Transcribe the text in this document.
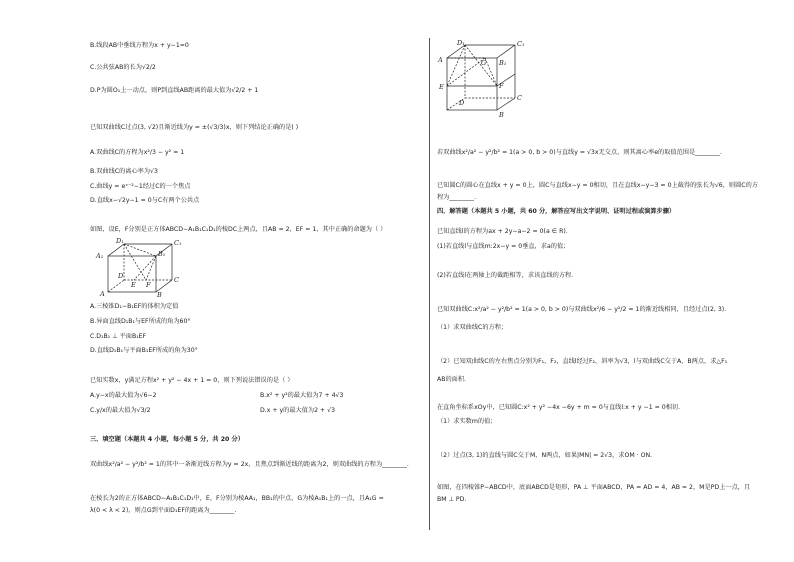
B.线段AB中垂线方程为x + y−1=0
C.公共弦AB的长为√2/2
D.P为圆O₁上一动点，则P到直线AB距离的最大值为√2/2 + 1
已知双曲线C过点(3, √2)且渐近线为y = ±(√3/3)x，则下列结论正确的是( )
A.双曲线C的方程为x²/3 − y² = 1
B.双曲线C的离心率为√3
C.曲线y = eˣ⁻²−1经过C的一个焦点
D.直线x−√2y−1 = 0与C有两个公共点
如图，设E，F分别是正方体ABCD−A₁B₁C₁D₁的棱DC上两点，且AB = 2，EF = 1，其中正确的命题为（ ）
A₁
D₁
B₁
C₁
D
E F
C
A	B
A.三棱锥D₁−B₁EF的体积为定值
B.异面直线D₁B₁与EF所成的角为60°
C.D₁B₁ ⊥ 平面B₁EF
D.直线D₁B₁与平面B₁EF所成的角为30°
已知实数x，y满足方程x² + y² − 4x + 1 = 0，则下列说法错误的是（ ）
A.y−x的最大值为√6−2	B.x² + y²的最大值为7 + 4√3
C.y/x的最大值为√3/2	D.x + y的最大值为2 + √3
三、填空题（本题共 4 小题，每小题 5 分，共 20 分）
双曲线x²/a² − y²/b² = 1的其中一条渐近线方程为y = 2x，且焦点到渐近线的距离为2，则双曲线的方程为________.
在棱长为2的正方体ABCD−A₁B₁C₁D₁中，E，F分别为棱AA₁，BB₁的中点，G为棱A₁B₁上的一点，且A₁G =
λ(0 < λ < 2)，则点G到平面D₁EF的距离为________.
D₁	C₁
A	G B₁
E	F
D
C
B
若双曲线x²/a² − y²/b² = 1(a > 0, b > 0)与直线y = √3x无交点，则其离心率e的取值范围是________.
已知圆C的圆心在直线x + y = 0上，圆C与直线x−y = 0相切，且在直线x−y−3 = 0上截得的弦长为√6，则圆C的方
程为________.
四、解答题（本题共 5 小题，共 60 分，解答应写出文字说明、证明过程或演算步骤）
已知直线l的方程为ax + 2y−a−2 = 0(a ∈ R).
(1)若直线l与直线m:2x−y = 0垂直，求a的值；
(2)若直线l在两轴上的截距相等，求该直线的方程.
已知双曲线C:x²/a² − y²/b² = 1(a > 0, b > 0)与双曲线x²/6 − y²/2 = 1的渐近线相同，且经过点(2, 3).
（1）求双曲线C的方程；
（2）已知双曲线C的左右焦点分别为F₁，F₂，直线l经过F₂，斜率为√3，l与双曲线C交于A，B两点，求△F₁
AB的面积.
在直角坐标系xOy中，已知圆C:x² + y² −4x −6y + m = 0与直线l:x + y −1 = 0相切.
（1）求实数m的值；
（2）过点(3, 1)的直线与圆C交于M，N两点，如果|MN| = 2√3，求OM · ON.
如图，在四棱锥P−ABCD中，底面ABCD是矩形，PA ⊥ 平面ABCD，PA = AD = 4，AB = 2，M是PD上一点，且
BM ⊥ PD.
